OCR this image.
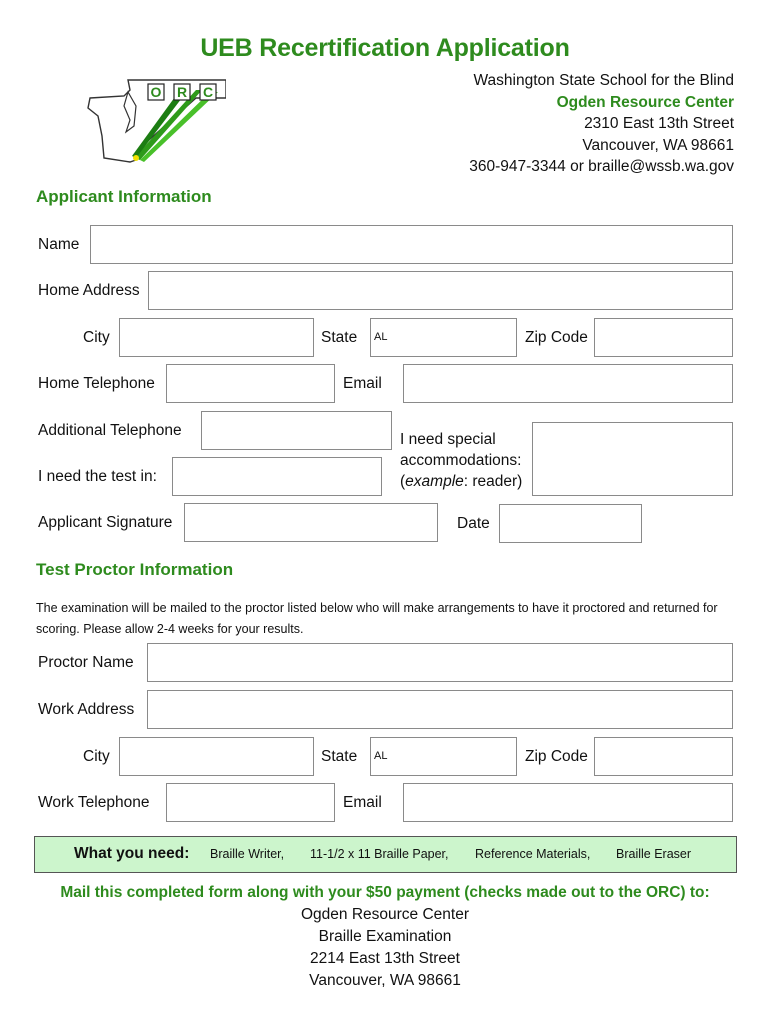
UEB Recertification Application
O R C
Washington State School for the Blind
Ogden Resource Center
2310 East 13th Street
Vancouver, WA 98661
360-947-3344 or braille@wssb.wa.gov
Applicant Information
Name
Home Address
City	State	AL	Zip Code
Home Telephone	Email
Additional Telephone
I need special
accommodations:
(example: reader)
I need the test in:
Applicant Signature	Date
Test Proctor Information
The examination will be mailed to the proctor listed below who will make arrangements to have it proctored and returned for scoring. Please allow 2-4 weeks for your results.
Proctor Name
Work Address
City	State	AL	Zip Code
Work Telephone	Email
What you need: Braille Writer, 11-1/2 x 11 Braille Paper, Reference Materials, Braille Eraser
Mail this completed form along with your $50 payment (checks made out to the ORC) to:
Ogden Resource Center
Braille Examination
2214 East 13th Street
Vancouver, WA 98661
